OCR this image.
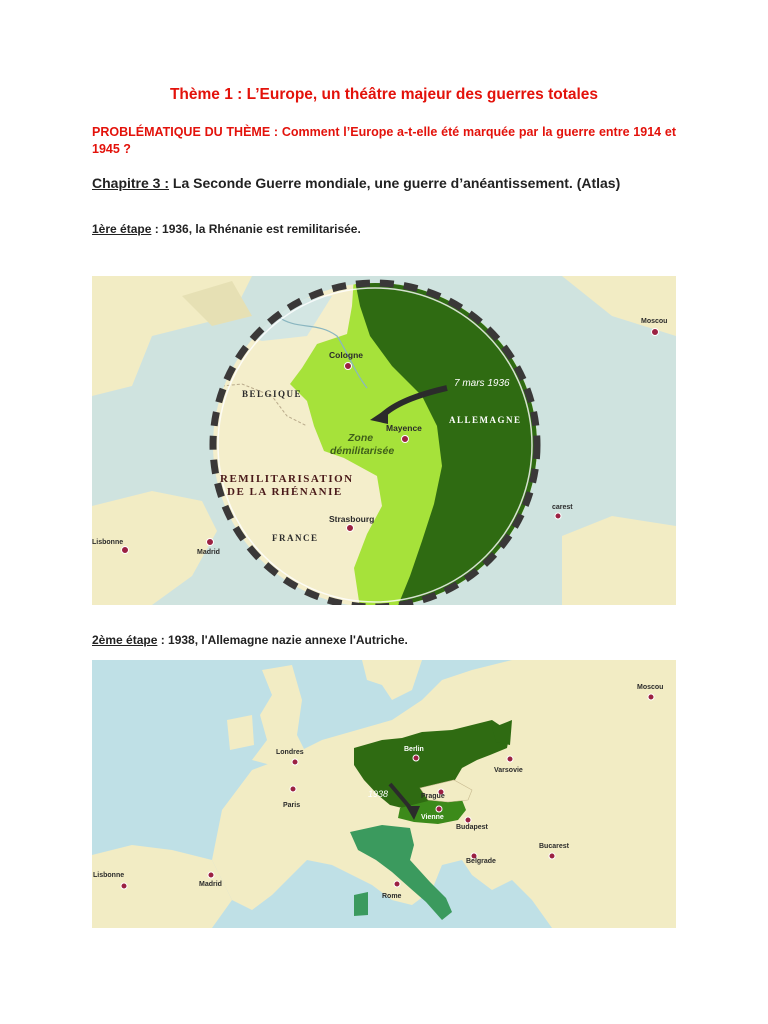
Thème 1 : L’Europe, un théâtre majeur des guerres totales

PROBLÉMATIQUE DU THÈME : Comment l’Europe a-t-elle été marquée par la guerre entre 1914 et 1945 ?

Chapitre 3 : La Seconde Guerre mondiale, une guerre d’anéantissement. (Atlas)

1ère étape : 1936, la Rhénanie est remilitarisée.

7 mars 1936
Zone
démilitarisée
BELGIQUE
ALLEMAGNE
FRANCE
REMILITARISATION
DE LA RHÉNANIE
Cologne
Mayence
Strasbourg
Moscou
Lisbonne
Madrid
carest

2ème étape : 1938, l'Allemagne nazie annexe l'Autriche.

1938
Moscou
Londres	Berlin
Varsovie
Paris
Prague
Vienne
Budapest
Bucarest
Belgrade
Lisbonne
Madrid
Rome
